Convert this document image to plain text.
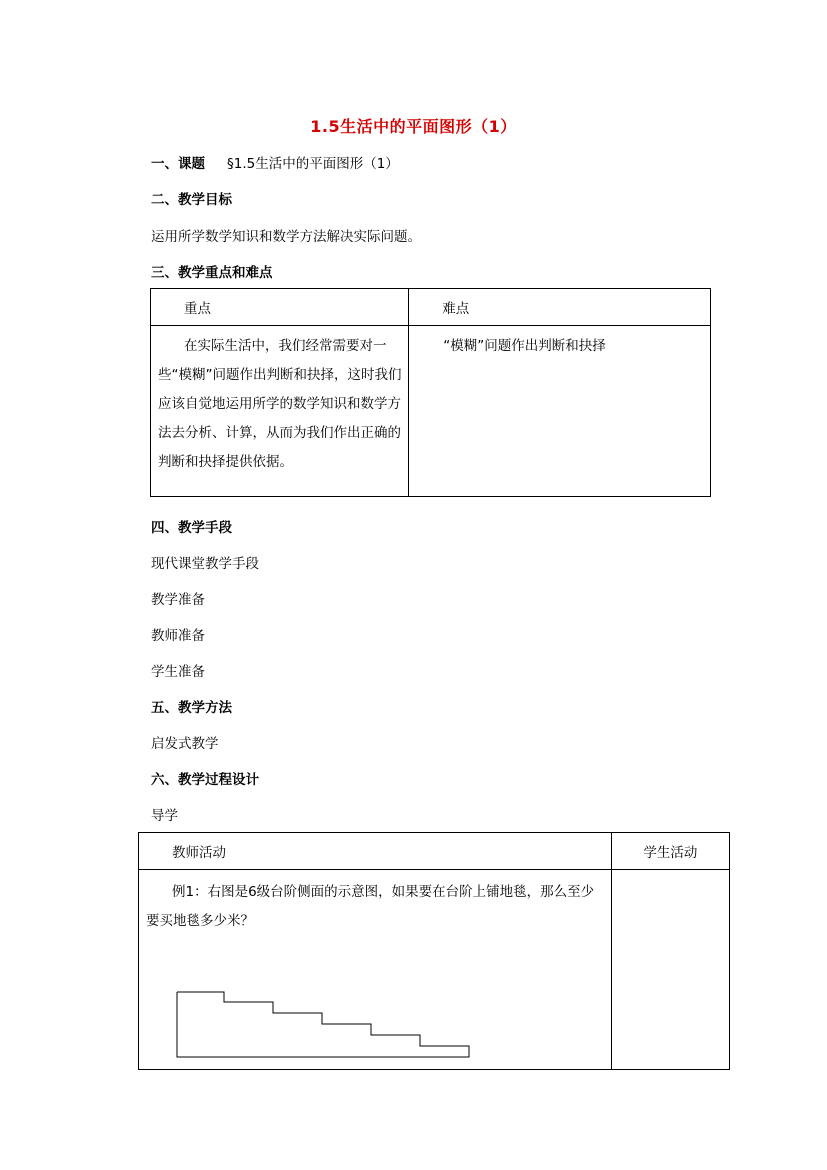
1.5生活中的平面图形（1）
一、课题 §1.5生活中的平面图形（1）
二、教学目标
运用所学数学知识和数学方法解决实际问题。
三、教学重点和难点
重点	难点

在实际生活中，我们经常需要对一些“模糊”问题作出判断和抉择，这时我们应该自觉地运用所学的数学知识和数学方法去分析、计算，从而为我们作出正确的判断和抉择提供依据。	“模糊”问题作出判断和抉择
四、教学手段
现代课堂教学手段
教学准备
教师准备
学生准备
五、教学方法
启发式教学
六、教学过程设计
导学
教师活动	学生活动

例1：右图是6级台阶侧面的示意图，如果要在台阶上铺地毯，那么至少要买地毯多少米？	
